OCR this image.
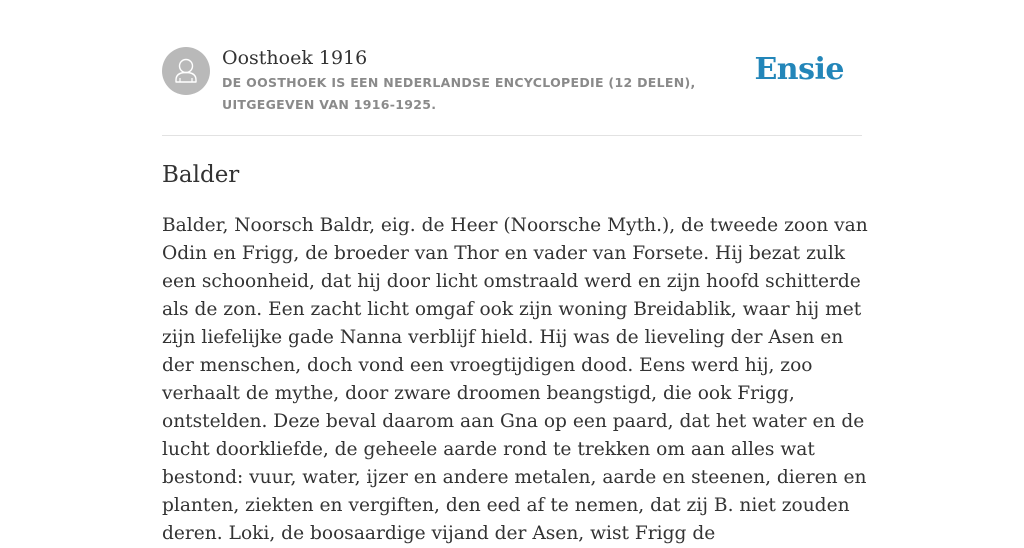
Oosthoek 1916
DE OOSTHOEK IS EEN NEDERLANDSE ENCYCLOPEDIE (12 DELEN), UITGEGEVEN VAN 1916-1925.
Ensie
Balder

Balder, Noorsch Baldr, eig. de Heer (Noorsche Myth.), de tweede zoon van Odin en Frigg, de broeder van Thor en vader van Forsete. Hij bezat zulk een schoonheid, dat hij door licht omstraald werd en zijn hoofd schitterde als de zon. Een zacht licht omgaf ook zijn woning Breidablik, waar hij met zijn liefelijke gade Nanna verblijf hield. Hij was de lieveling der Asen en der menschen, doch vond een vroegtijdigen dood. Eens werd hij, zoo verhaalt de mythe, door zware droomen beangstigd, die ook Frigg, ontstelden. Deze beval daarom aan Gna op een paard, dat het water en de lucht doorkliefde, de geheele aarde rond te trekken om aan alles wat bestond: vuur, water, ijzer en andere metalen, aarde en steenen, dieren en planten, ziekten en vergiften, den eed af te nemen, dat zij B. niet zouden deren. Loki, de boosaardige vijand der Asen, wist Frigg de
